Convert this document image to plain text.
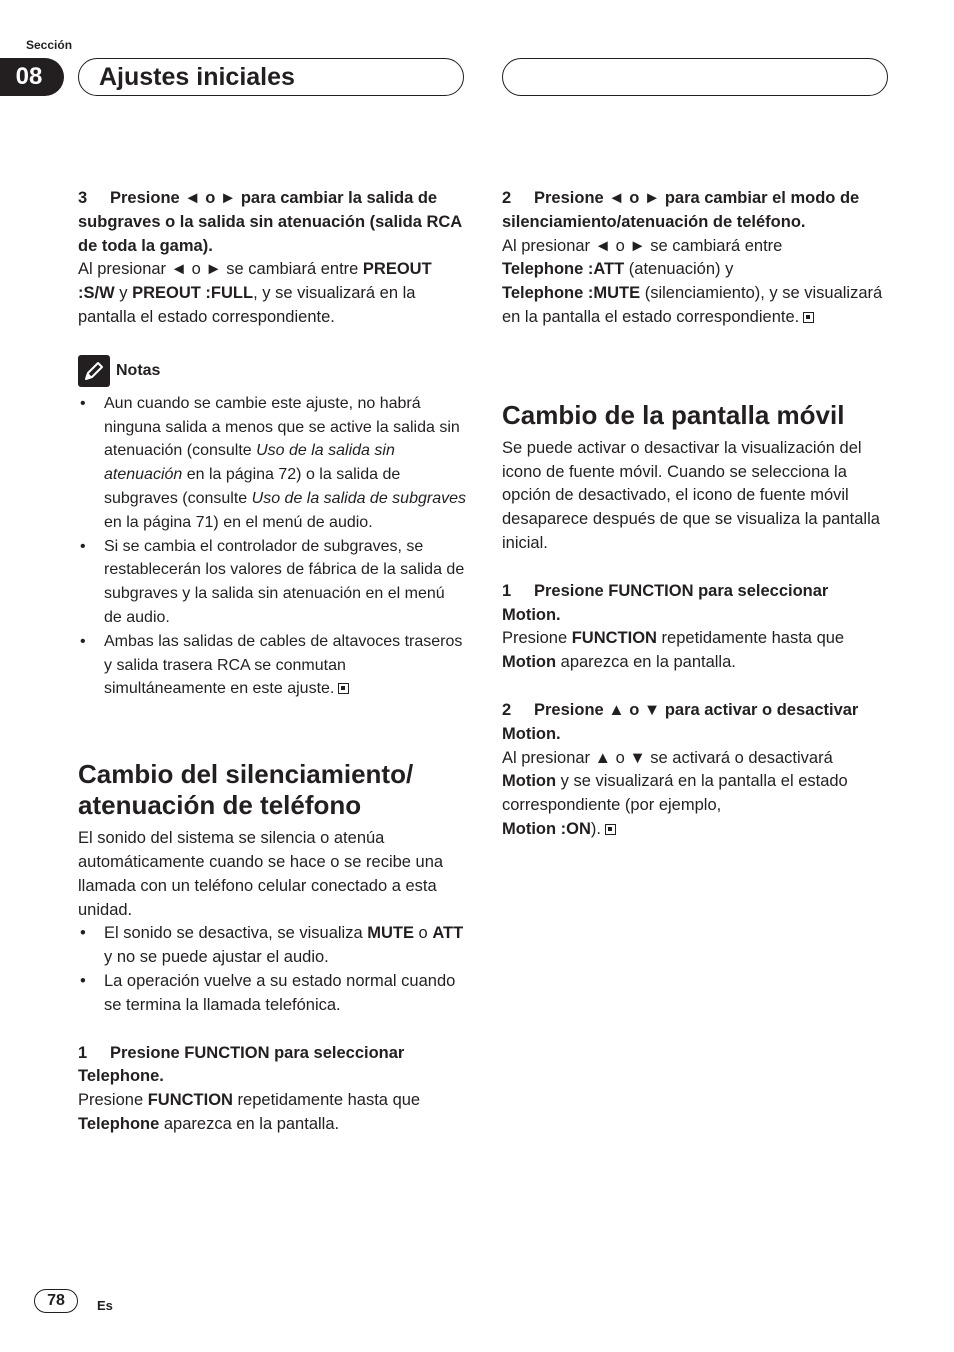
Sección
08	Ajustes iniciales

3 Presione ◄ o ► para cambiar la salida de subgraves o la salida sin atenuación (salida RCA de toda la gama).

Al presionar ◄ o ► se cambiará entre PREOUT :S/W y PREOUT :FULL, y se visualizará en la pantalla el estado correspondiente.

Notas
• Aun cuando se cambie este ajuste, no habrá ninguna salida a menos que se active la salida sin atenuación (consulte Uso de la salida sin atenuación en la página 72) o la salida de subgraves (consulte Uso de la salida de subgraves en la página 71) en el menú de audio.
• Si se cambia el controlador de subgraves, se restablecerán los valores de fábrica de la salida de subgraves y la salida sin atenuación en el menú de audio.
• Ambas las salidas de cables de altavoces traseros y salida trasera RCA se conmutan simultáneamente en este ajuste.
Cambio del silenciamiento/
atenuación de teléfono

El sonido del sistema se silencia o atenúa automáticamente cuando se hace o se recibe una llamada con un teléfono celular conectado a esta unidad.

• El sonido se desactiva, se visualiza MUTE o ATT y no se puede ajustar el audio.
• La operación vuelve a su estado normal cuando se termina la llamada telefónica.

1 Presione FUNCTION para seleccionar Telephone.

Presione FUNCTION repetidamente hasta que Telephone aparezca en la pantalla.

2 Presione ◄ o ► para cambiar el modo de silenciamiento/atenuación de teléfono.

Al presionar ◄ o ► se cambiará entre
Telephone :ATT (atenuación) y
Telephone :MUTE (silenciamiento), y se visualizará en la pantalla el estado correspondiente.

Cambio de la pantalla móvil

Se puede activar o desactivar la visualización del icono de fuente móvil. Cuando se selecciona la opción de desactivado, el icono de fuente móvil desaparece después de que se visualiza la pantalla inicial.

1 Presione FUNCTION para seleccionar Motion.

Presione FUNCTION repetidamente hasta que Motion aparezca en la pantalla.

2 Presione ▲ o ▼ para activar o desactivar Motion.

Al presionar ▲ o ▼ se activará o desactivará
Motion y se visualizará en la pantalla el estado correspondiente (por ejemplo,
Motion :ON).

78	Es
